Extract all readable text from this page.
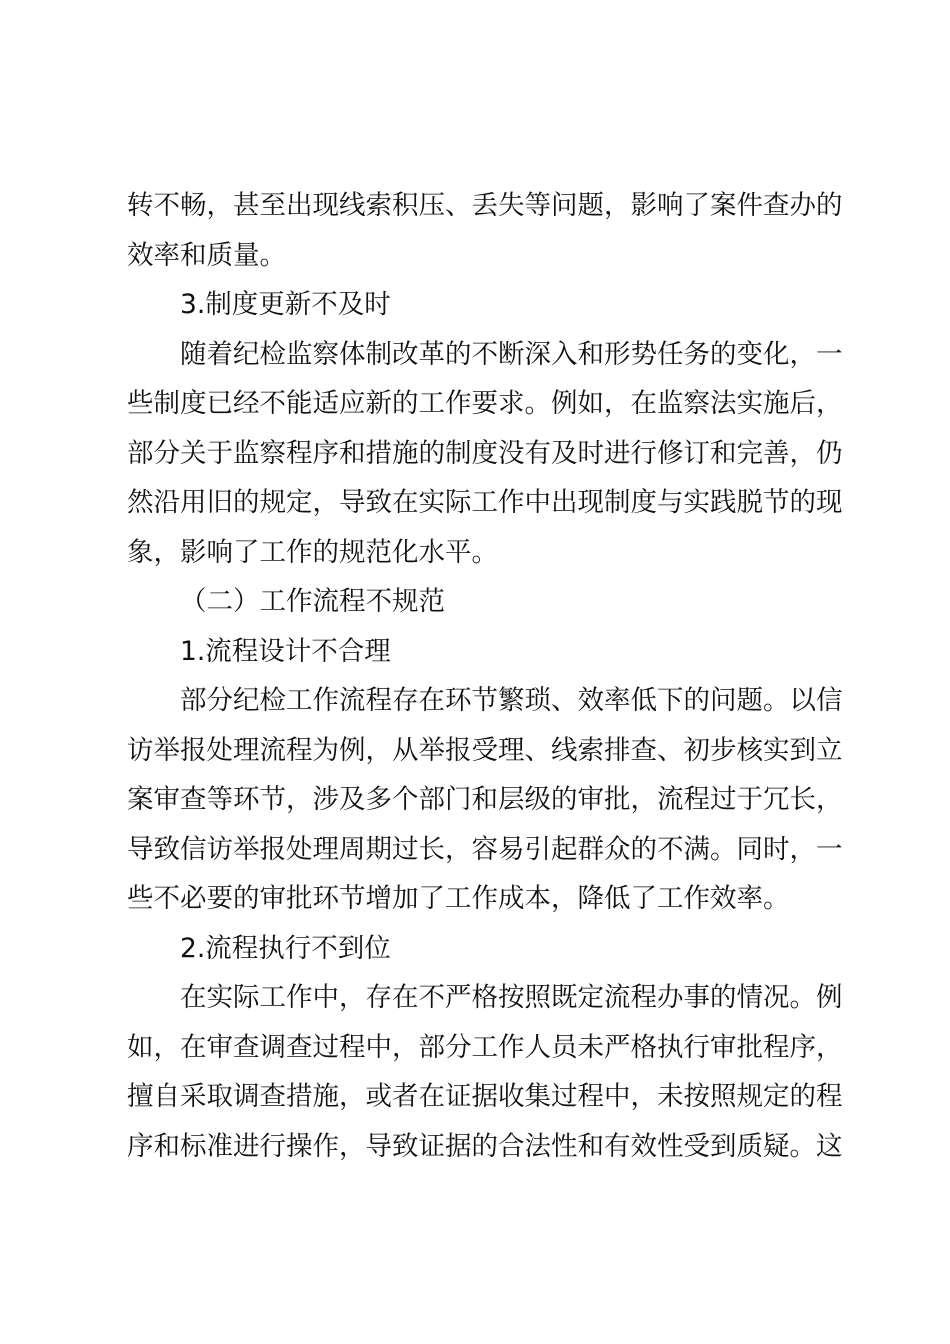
转不畅，甚至出现线索积压、丢失等问题，影响了案件查办的
效率和质量。
3.制度更新不及时
随着纪检监察体制改革的不断深入和形势任务的变化，一
些制度已经不能适应新的工作要求。例如，在监察法实施后，
部分关于监察程序和措施的制度没有及时进行修订和完善，仍
然沿用旧的规定，导致在实际工作中出现制度与实践脱节的现
象，影响了工作的规范化水平。
（二）工作流程不规范
1.流程设计不合理
部分纪检工作流程存在环节繁琐、效率低下的问题。以信
访举报处理流程为例，从举报受理、线索排查、初步核实到立
案审查等环节，涉及多个部门和层级的审批，流程过于冗长，
导致信访举报处理周期过长，容易引起群众的不满。同时，一
些不必要的审批环节增加了工作成本，降低了工作效率。
2.流程执行不到位
在实际工作中，存在不严格按照既定流程办事的情况。例
如，在审查调查过程中，部分工作人员未严格执行审批程序，
擅自采取调查措施，或者在证据收集过程中，未按照规定的程
序和标准进行操作，导致证据的合法性和有效性受到质疑。这
